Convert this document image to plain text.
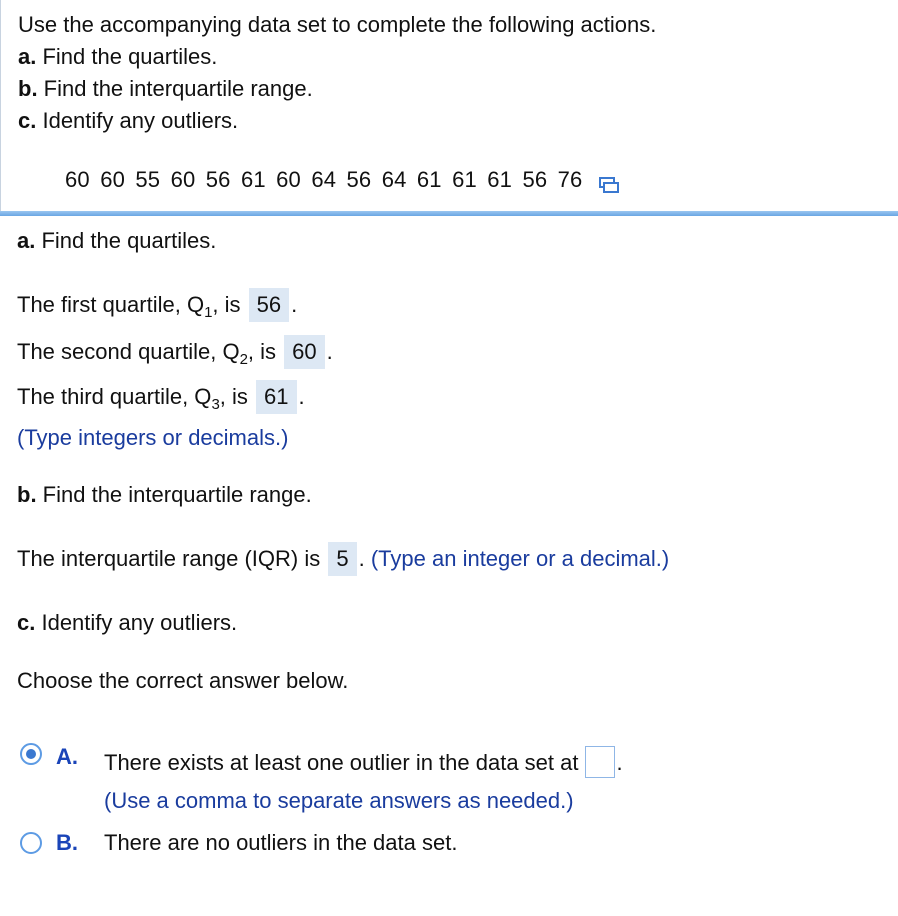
Use the accompanying data set to complete the following actions.
a. Find the quartiles.
b. Find the interquartile range.
c. Identify any outliers.
60 60 55 60 56 61 60 64 56 64 61 61 61 56 76
a. Find the quartiles.
The first quartile, $Q_1$, is 56 .
The second quartile, $Q_2$, is 60 .
The third quartile, $Q_3$, is 61 .
(Type integers or decimals.)
b. Find the interquartile range.
The interquartile range (IQR) is 5 . (Type an integer or a decimal.)
c. Identify any outliers.
Choose the correct answer below.
A. There exists at least one outlier in the data set at .
(Use a comma to separate answers as needed.)
B. There are no outliers in the data set.
